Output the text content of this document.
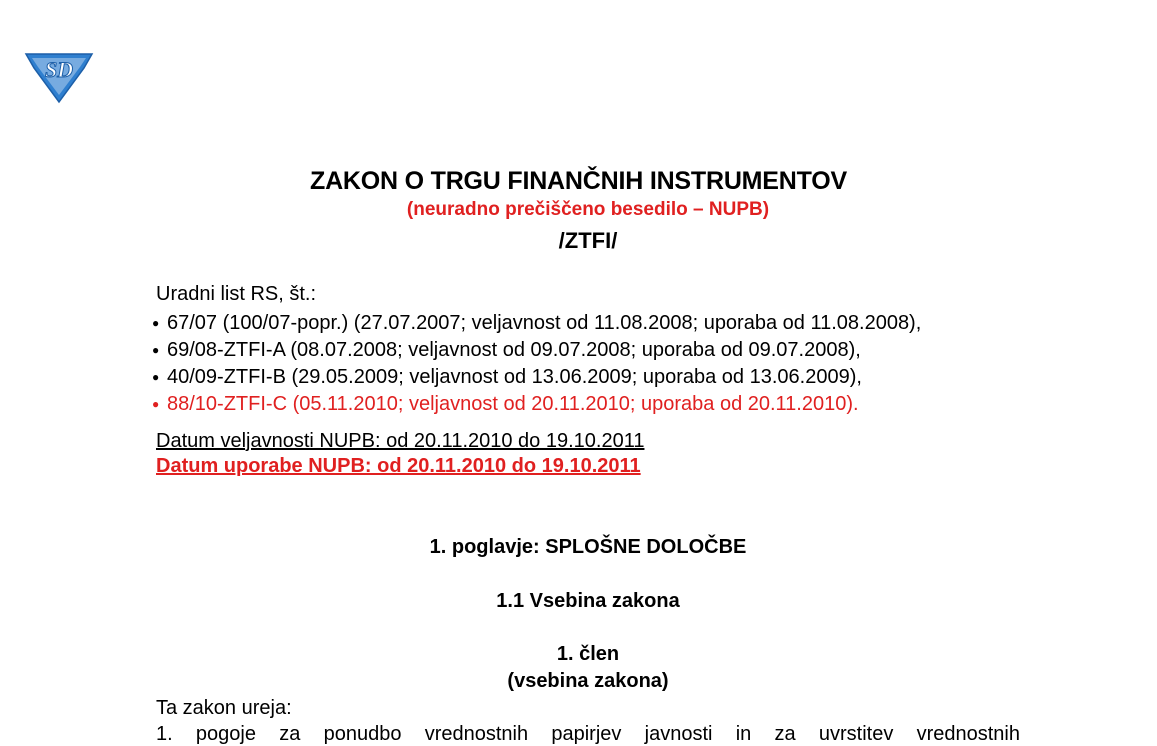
SD
ZAKON O TRGU FINANČNIH INSTRUMENTOV
(neuradno prečiščeno besedilo – NUPB)
/ZTFI/
Uradni list RS, št.:
● 67/07 (100/07-popr.) (27.07.2007; veljavnost od 11.08.2008; uporaba od 11.08.2008),
● 69/08-ZTFI-A (08.07.2008; veljavnost od 09.07.2008; uporaba od 09.07.2008),
● 40/09-ZTFI-B (29.05.2009; veljavnost od 13.06.2009; uporaba od 13.06.2009),
● 88/10-ZTFI-C (05.11.2010; veljavnost od 20.11.2010; uporaba od 20.11.2010).
Datum veljavnosti NUPB: od 20.11.2010 do 19.10.2011
Datum uporabe NUPB: od 20.11.2010 do 19.10.2011
1. poglavje: SPLOŠNE DOLOČBE
1.1 Vsebina zakona
1. člen
(vsebina zakona)
Ta zakon ureja:
1. pogoje za ponudbo vrednostnih papirjev javnosti in za uvrstitev vrednostnih
